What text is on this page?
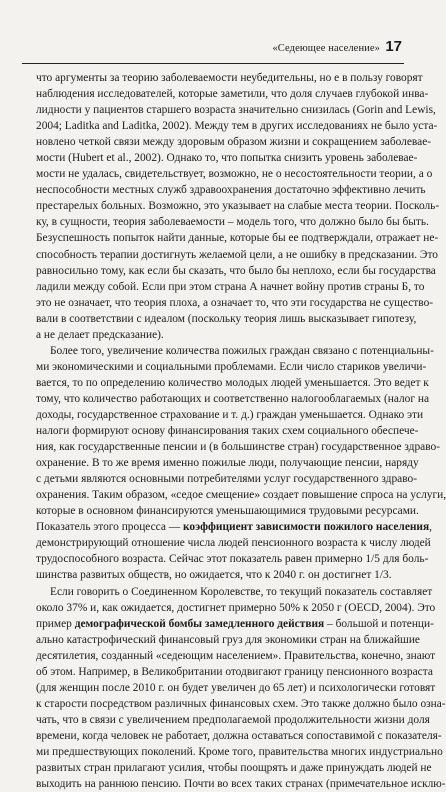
«Седеющее население» 17
что аргументы за теорию заболеваемости неубедительны, но е в пользу говорят
наблюдения исследователей, которые заметили, что доля случаев глубокой инва-
лидности у пациентов старшего возраста значительно снизилась (Gorin and Lewis,
2004; Laditka and Laditka, 2002). Между тем в других исследованиях не было уста-
новлено четкой связи между здоровым образом жизни и сокращением заболевае-
мости (Hubert et al., 2002). Однако то, что попытка снизить уровень заболевае-
мости не удалась, свидетельствует, возможно, не о несостоятельности теории, а о
неспособности местных служб здравоохранения достаточно эффективно лечить
престарелых больных. Возможно, это указывает на слабые места теории. Посколь-
ку, в сущности, теория заболеваемости – модель того, что должно было бы быть.
Безуспешность попыток найти данные, которые бы ее подтверждали, отражает не-
способность терапии достигнуть желаемой цели, а не ошибку в предсказании. Это
равносильно тому, как если бы сказать, что было бы неплохо, если бы государства
ладили между собой. Если при этом страна А начнет войну против страны Б, то
это не означает, что теория плоха, а означает то, что эти государства не существо-
вали в соответствии с идеалом (поскольку теория лишь высказывает гипотезу,
а не делает предсказание).
Более того, увеличение количества пожилых граждан связано с потенциальны-
ми экономическими и социальными проблемами. Если число стариков увеличи-
вается, то по определению количество молодых людей уменьшается. Это ведет к
тому, что количество работающих и соответственно налогооблагаемых (налог на
доходы, государственное страхование и т. д.) граждан уменьшается. Однако эти
налоги формируют основу финансирования таких схем социального обеспече-
ния, как государственные пенсии и (в большинстве стран) государственное здраво-
охранение. В то же время именно пожилые люди, получающие пенсии, наряду
с детьми являются основными потребителями услуг государственного здраво-
охранения. Таким образом, «седое смещение» создает повышение спроса на услуги,
которые в основном финансируются уменьшающимися трудовыми ресурсами.
Показатель этого процесса — коэффициент зависимости пожилого населения,
демонстрирующий отношение числа людей пенсионного возраста к числу людей
трудоспособного возраста. Сейчас этот показатель равен примерно 1/5 для боль-
шинства развитых обществ, но ожидается, что к 2040 г. он достигнет 1/3.
Если говорить о Соединенном Королевстве, то текущий показатель составляет
около 37% и, как ожидается, достигнет примерно 50% к 2050 г (OECD, 2004). Это
пример демографической бомбы замедленного действия – большой и потенци-
ально катастрофический финансовый груз для экономики стран на ближайшие
десятилетия, созданный «седеющим населением». Правительства, конечно, знают
об этом. Например, в Великобритании отодвигают границу пенсионного возраста
(для женщин после 2010 г. он будет увеличен до 65 лет) и психологически готовят
к старости посредством различных финансовых схем. Это также должно было озна-
чать, что в связи с увеличением предполагаемой продолжительности жизни доля
времени, когда человек не работает, должна оставаться сопоставимой с показателя-
ми предшествующих поколений. Кроме того, правительства многих индустриально
развитых стран прилагают усилия, чтобы поощрять и даже принуждать людей не
выходить на раннюю пенсию. Почти во всех таких странах (примечательное исклю-
